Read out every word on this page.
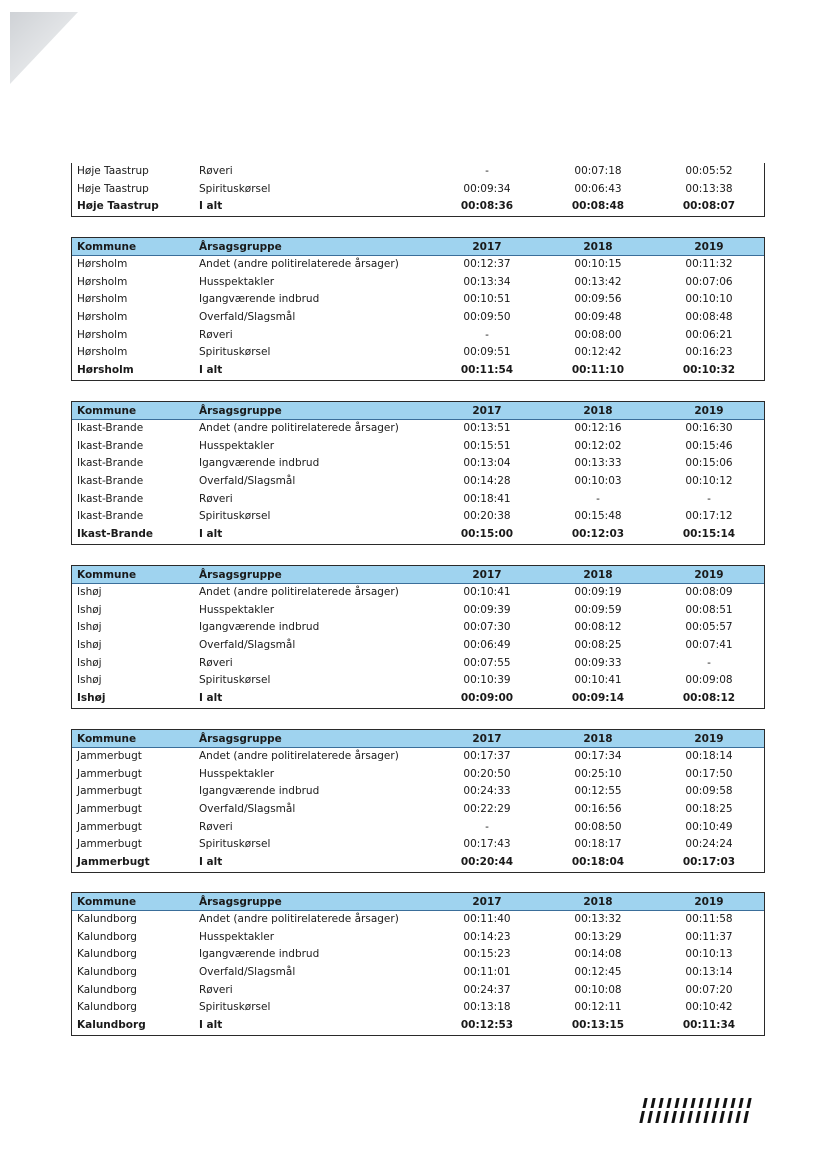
Høje Taastrup	Røveri	-	00:07:18	00:05:52
Høje Taastrup	Spirituskørsel	00:09:34	00:06:43	00:13:38
Høje Taastrup	I alt	00:08:36	00:08:48	00:08:07
Kommune	Årsagsgruppe	2017	2018	2019
Hørsholm	Andet (andre politirelaterede årsager)	00:12:37	00:10:15	00:11:32
Hørsholm	Husspektakler	00:13:34	00:13:42	00:07:06
Hørsholm	Igangværende indbrud	00:10:51	00:09:56	00:10:10
Hørsholm	Overfald/Slagsmål	00:09:50	00:09:48	00:08:48
Hørsholm	Røveri	-	00:08:00	00:06:21
Hørsholm	Spirituskørsel	00:09:51	00:12:42	00:16:23
Hørsholm	I alt	00:11:54	00:11:10	00:10:32
Kommune	Årsagsgruppe	2017	2018	2019
Ikast-Brande	Andet (andre politirelaterede årsager)	00:13:51	00:12:16	00:16:30
Ikast-Brande	Husspektakler	00:15:51	00:12:02	00:15:46
Ikast-Brande	Igangværende indbrud	00:13:04	00:13:33	00:15:06
Ikast-Brande	Overfald/Slagsmål	00:14:28	00:10:03	00:10:12
Ikast-Brande	Røveri	00:18:41	-	-
Ikast-Brande	Spirituskørsel	00:20:38	00:15:48	00:17:12
Ikast-Brande	I alt	00:15:00	00:12:03	00:15:14
Kommune	Årsagsgruppe	2017	2018	2019
Ishøj	Andet (andre politirelaterede årsager)	00:10:41	00:09:19	00:08:09
Ishøj	Husspektakler	00:09:39	00:09:59	00:08:51
Ishøj	Igangværende indbrud	00:07:30	00:08:12	00:05:57
Ishøj	Overfald/Slagsmål	00:06:49	00:08:25	00:07:41
Ishøj	Røveri	00:07:55	00:09:33	-
Ishøj	Spirituskørsel	00:10:39	00:10:41	00:09:08
Ishøj	I alt	00:09:00	00:09:14	00:08:12
Kommune	Årsagsgruppe	2017	2018	2019
Jammerbugt	Andet (andre politirelaterede årsager)	00:17:37	00:17:34	00:18:14
Jammerbugt	Husspektakler	00:20:50	00:25:10	00:17:50
Jammerbugt	Igangværende indbrud	00:24:33	00:12:55	00:09:58
Jammerbugt	Overfald/Slagsmål	00:22:29	00:16:56	00:18:25
Jammerbugt	Røveri	-	00:08:50	00:10:49
Jammerbugt	Spirituskørsel	00:17:43	00:18:17	00:24:24
Jammerbugt	I alt	00:20:44	00:18:04	00:17:03
Kommune	Årsagsgruppe	2017	2018	2019
Kalundborg	Andet (andre politirelaterede årsager)	00:11:40	00:13:32	00:11:58
Kalundborg	Husspektakler	00:14:23	00:13:29	00:11:37
Kalundborg	Igangværende indbrud	00:15:23	00:14:08	00:10:13
Kalundborg	Overfald/Slagsmål	00:11:01	00:12:45	00:13:14
Kalundborg	Røveri	00:24:37	00:10:08	00:07:20
Kalundborg	Spirituskørsel	00:13:18	00:12:11	00:10:42
Kalundborg	I alt	00:12:53	00:13:15	00:11:34
